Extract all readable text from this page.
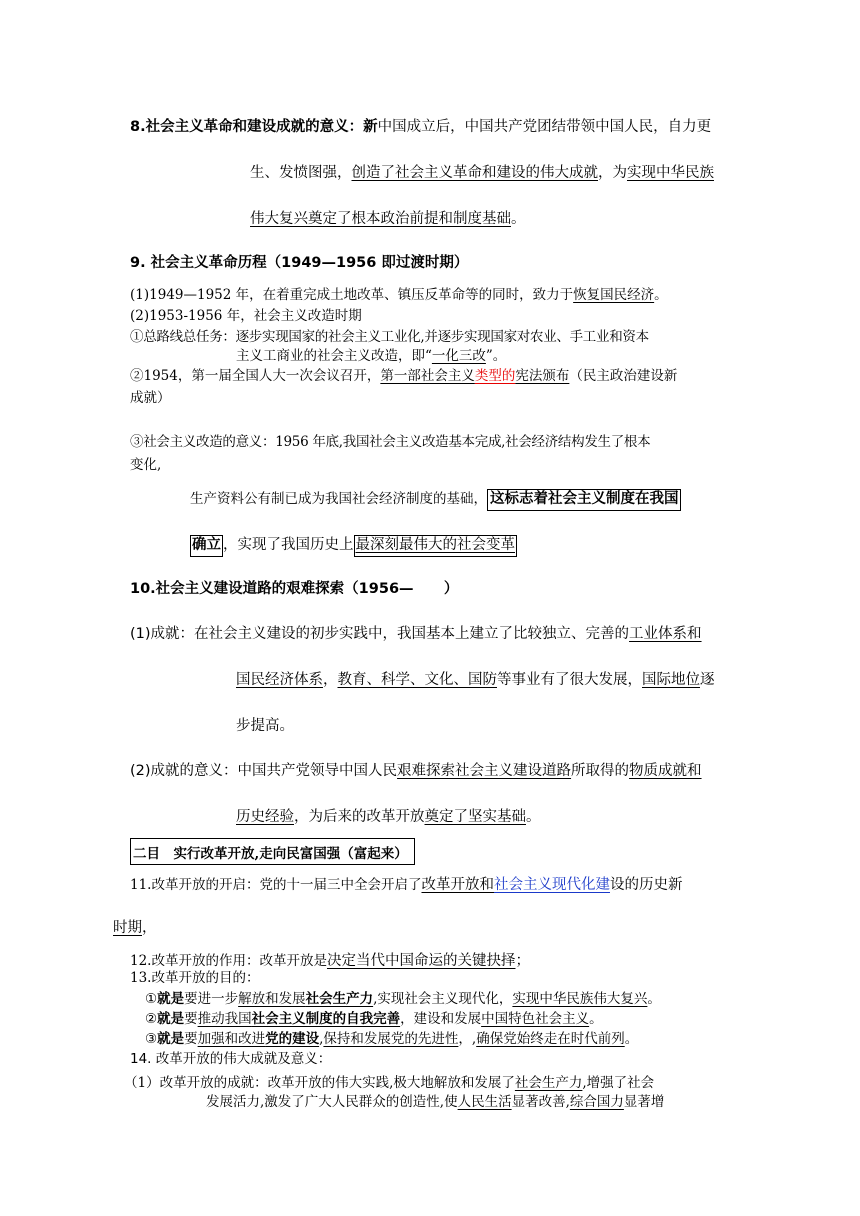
8.社会主义革命和建设成就的意义：新中国成立后，中国共产党团结带领中国人民，自力更
生、发愤图强，创造了社会主义革命和建设的伟大成就，为实现中华民族
伟大复兴奠定了根本政治前提和制度基础。
9. 社会主义革命历程（1949—1956 即过渡时期）
(1)1949—1952 年，在着重完成土地改革、镇压反革命等的同时，致力于恢复国民经济。
(2)1953-1956 年，社会主义改造时期
①总路线总任务：逐步实现国家的社会主义工业化,并逐步实现国家对农业、手工业和资本
主义工商业的社会主义改造，即“一化三改”。
②1954，第一届全国人大一次会议召开，第一部社会主义类型的宪法颁布（民主政治建设新
成就）
③社会主义改造的意义：1956 年底,我国社会主义改造基本完成,社会经济结构发生了根本
变化,
生产资料公有制已成为我国社会经济制度的基础， 这标志着社会主义制度在我国
确立 ，实现了我国历史上 最深刻最伟大的社会变革
10.社会主义建设道路的艰难探索（1956—      ）
(1)成就：在社会主义建设的初步实践中，我国基本上建立了比较独立、完善的工业体系和
国民经济体系，教育、科学、文化、国防等事业有了很大发展，国际地位逐
步提高。
(2)成就的意义：中国共产党领导中国人民艰难探索社会主义建设道路所取得的物质成就和
历史经验，为后来的改革开放奠定了坚实基础。
二目　实行改革开放,走向民富国强（富起来）
11.改革开放的开启：党的十一届三中全会开启了改革开放和社会主义现代化建设的历史新
时期，
12.改革开放的作用：改革开放是决定当代中国命运的关键抉择；
13.改革开放的目的：
①就是要进一步解放和发展社会生产力,实现社会主义现代化，实现中华民族伟大复兴。
②就是要推动我国社会主义制度的自我完善，建设和发展中国特色社会主义。
③就是要加强和改进党的建设,保持和发展党的先进性，,确保党始终走在时代前列。
14. 改革开放的伟大成就及意义：
（1）改革开放的成就：改革开放的伟大实践,极大地解放和发展了社会生产力,增强了社会
发展活力,激发了广大人民群众的创造性,使人民生活显著改善,综合国力显著增
